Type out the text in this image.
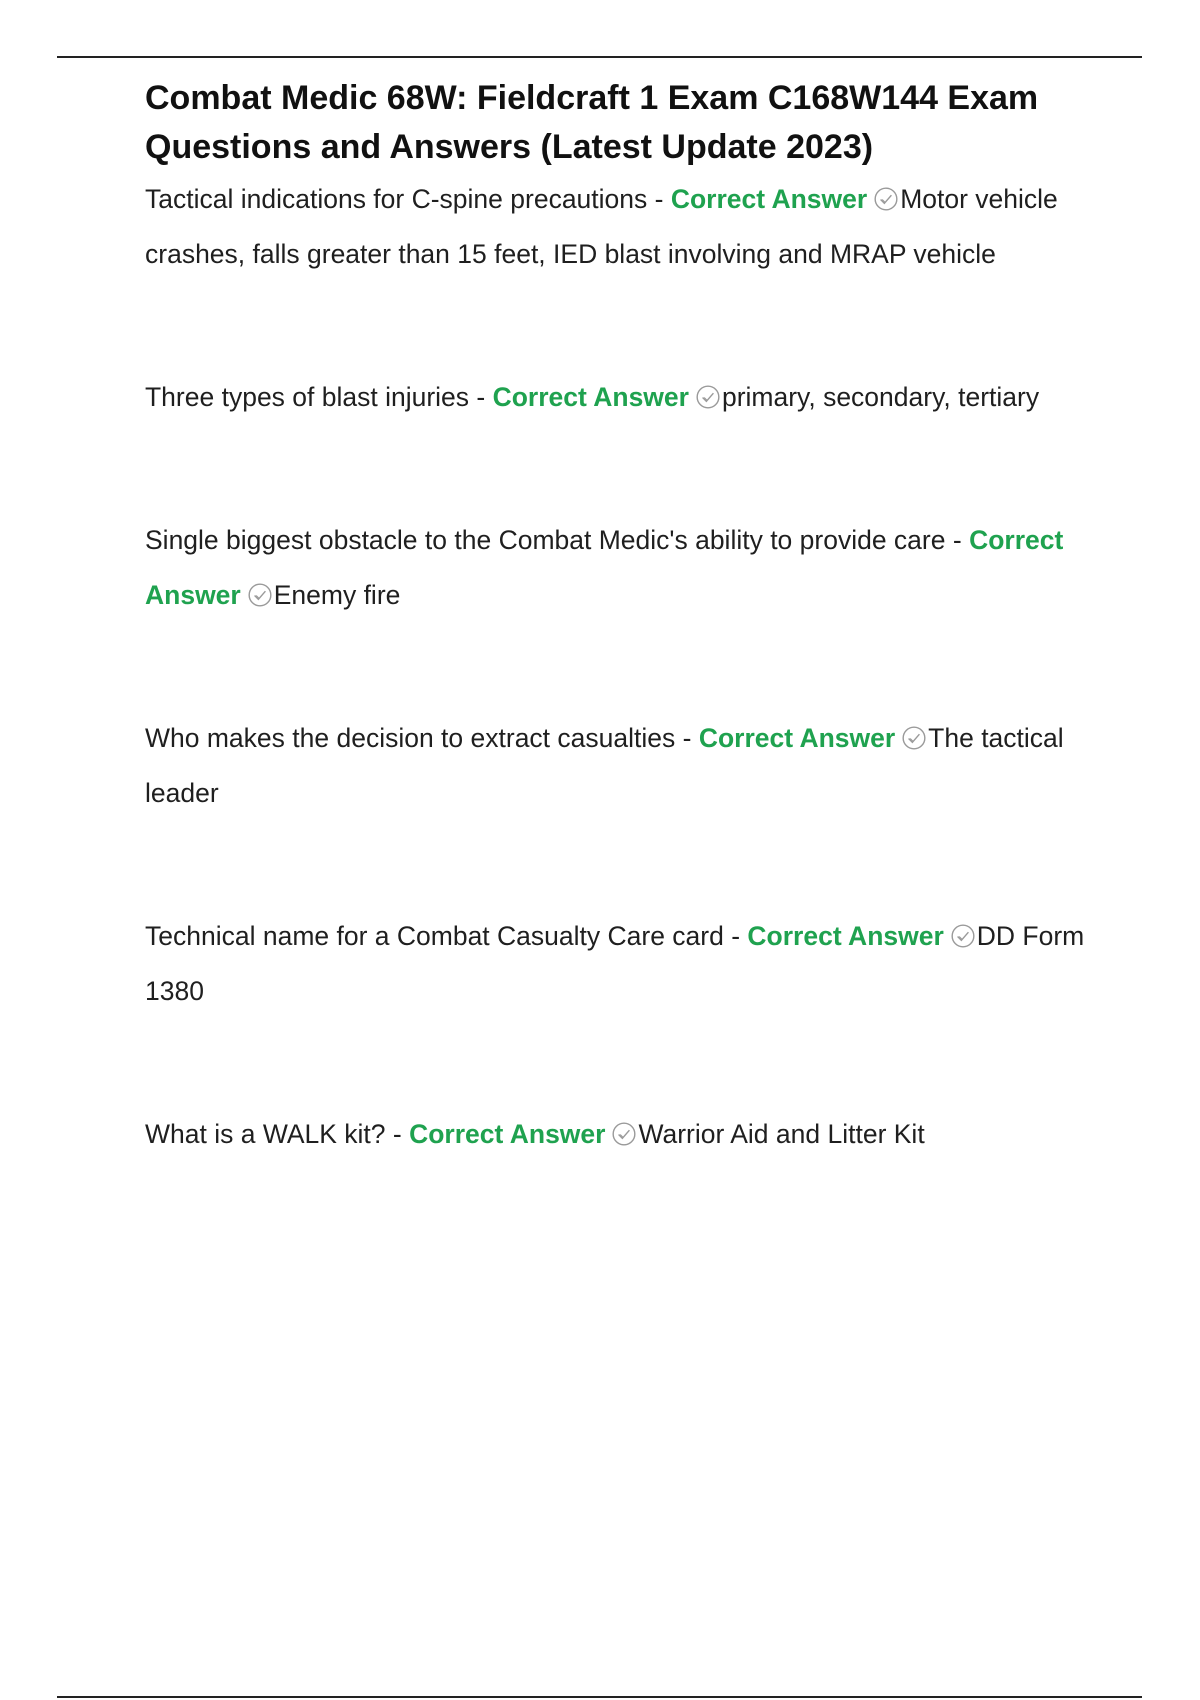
Combat Medic 68W: Fieldcraft 1 Exam C168W144 Exam Questions and Answers (Latest Update 2023)

Tactical indications for C-spine precautions - Correct Answer Motor vehicle crashes, falls greater than 15 feet, IED blast involving and MRAP vehicle

Three types of blast injuries - Correct Answer primary, secondary, tertiary

Single biggest obstacle to the Combat Medic's ability to provide care - Correct Answer Enemy fire

Who makes the decision to extract casualties - Correct Answer The tactical leader

Technical name for a Combat Casualty Care card - Correct Answer DD Form 1380

What is a WALK kit? - Correct Answer Warrior Aid and Litter Kit
